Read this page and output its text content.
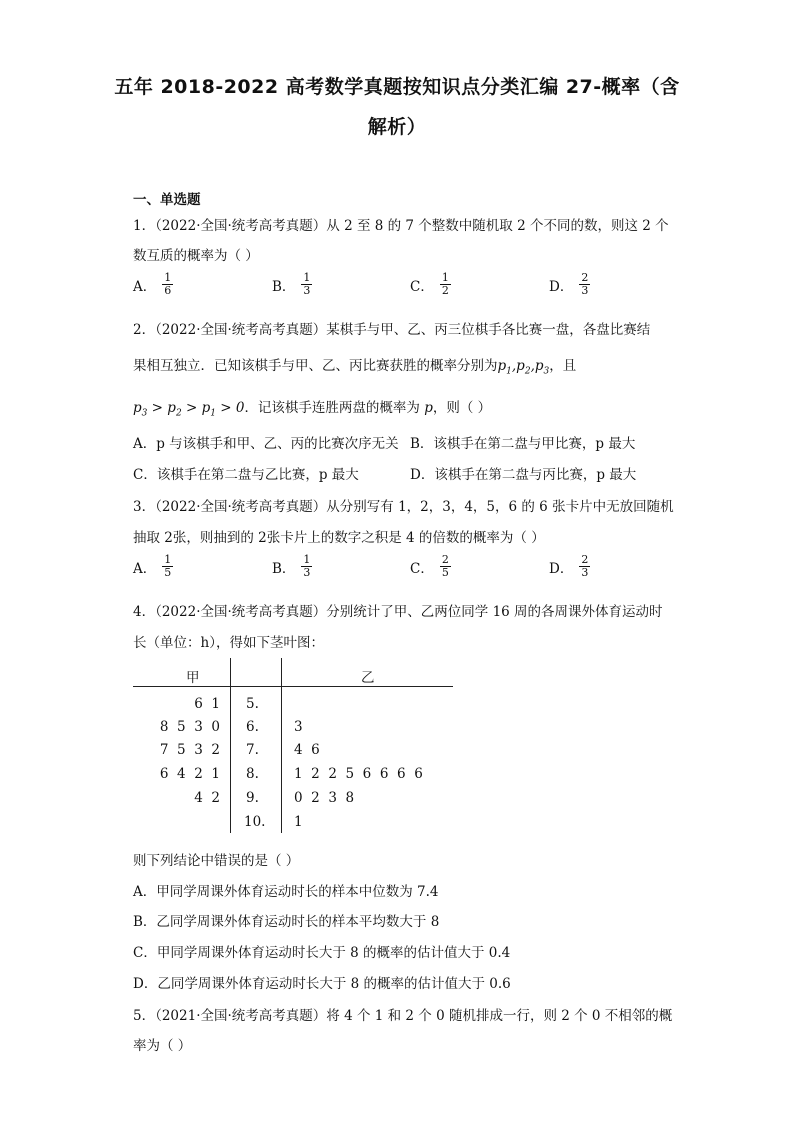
五年 2018-2022 高考数学真题按知识点分类汇编 27-概率（含
解析）
一、单选题
1．（2022·全国·统考高考真题）从 2 至 8 的 7 个整数中随机取 2 个不同的数，则这 2 个
数互质的概率为（ ）
A． $\frac{1}{6}$	B． $\frac{1}{3}$	C． $\frac{1}{2}$	D． $\frac{2}{3}$
2．（2022·全国·统考高考真题）某棋手与甲、乙、丙三位棋手各比赛一盘，各盘比赛结
果相互独立．已知该棋手与甲、乙、丙比赛获胜的概率分别为$p_1,p_2,p_3$，且
$p_3 > p_2 > p_1 > 0$．记该棋手连胜两盘的概率为 p，则（ ）
A．p 与该棋手和甲、乙、丙的比赛次序无关 B．该棋手在第二盘与甲比赛，p 最大
C．该棋手在第二盘与乙比赛，p 最大	D．该棋手在第二盘与丙比赛，p 最大
3．（2022·全国·统考高考真题）从分别写有 1，2，3，4，5，6 的 6 张卡片中无放回随机
抽取 2张，则抽到的 2张卡片上的数字之积是 4 的倍数的概率为（ ）
A． $\frac{1}{5}$	B． $\frac{1}{3}$	C． $\frac{2}{5}$	D． $\frac{2}{3}$
4．（2022·全国·统考高考真题）分别统计了甲、乙两位同学 16 周的各周课外体育运动时
长（单位：h），得如下茎叶图：
甲	乙
6  1 5.
8  5  3  0 6.	3
7  5  3  2 7.	4  6
6  4  2  1 8.	1  2  2  5  6  6  6  6
4  2 9.	0  2  3  8
10. 1
则下列结论中错误的是（ ）
A．甲同学周课外体育运动时长的样本中位数为 7.4
B．乙同学周课外体育运动时长的样本平均数大于 8
C．甲同学周课外体育运动时长大于 8 的概率的估计值大于 0.4
D．乙同学周课外体育运动时长大于 8 的概率的估计值大于 0.6
5．（2021·全国·统考高考真题）将 4 个 1 和 2 个 0 随机排成一行，则 2 个 0 不相邻的概
率为（ ）
